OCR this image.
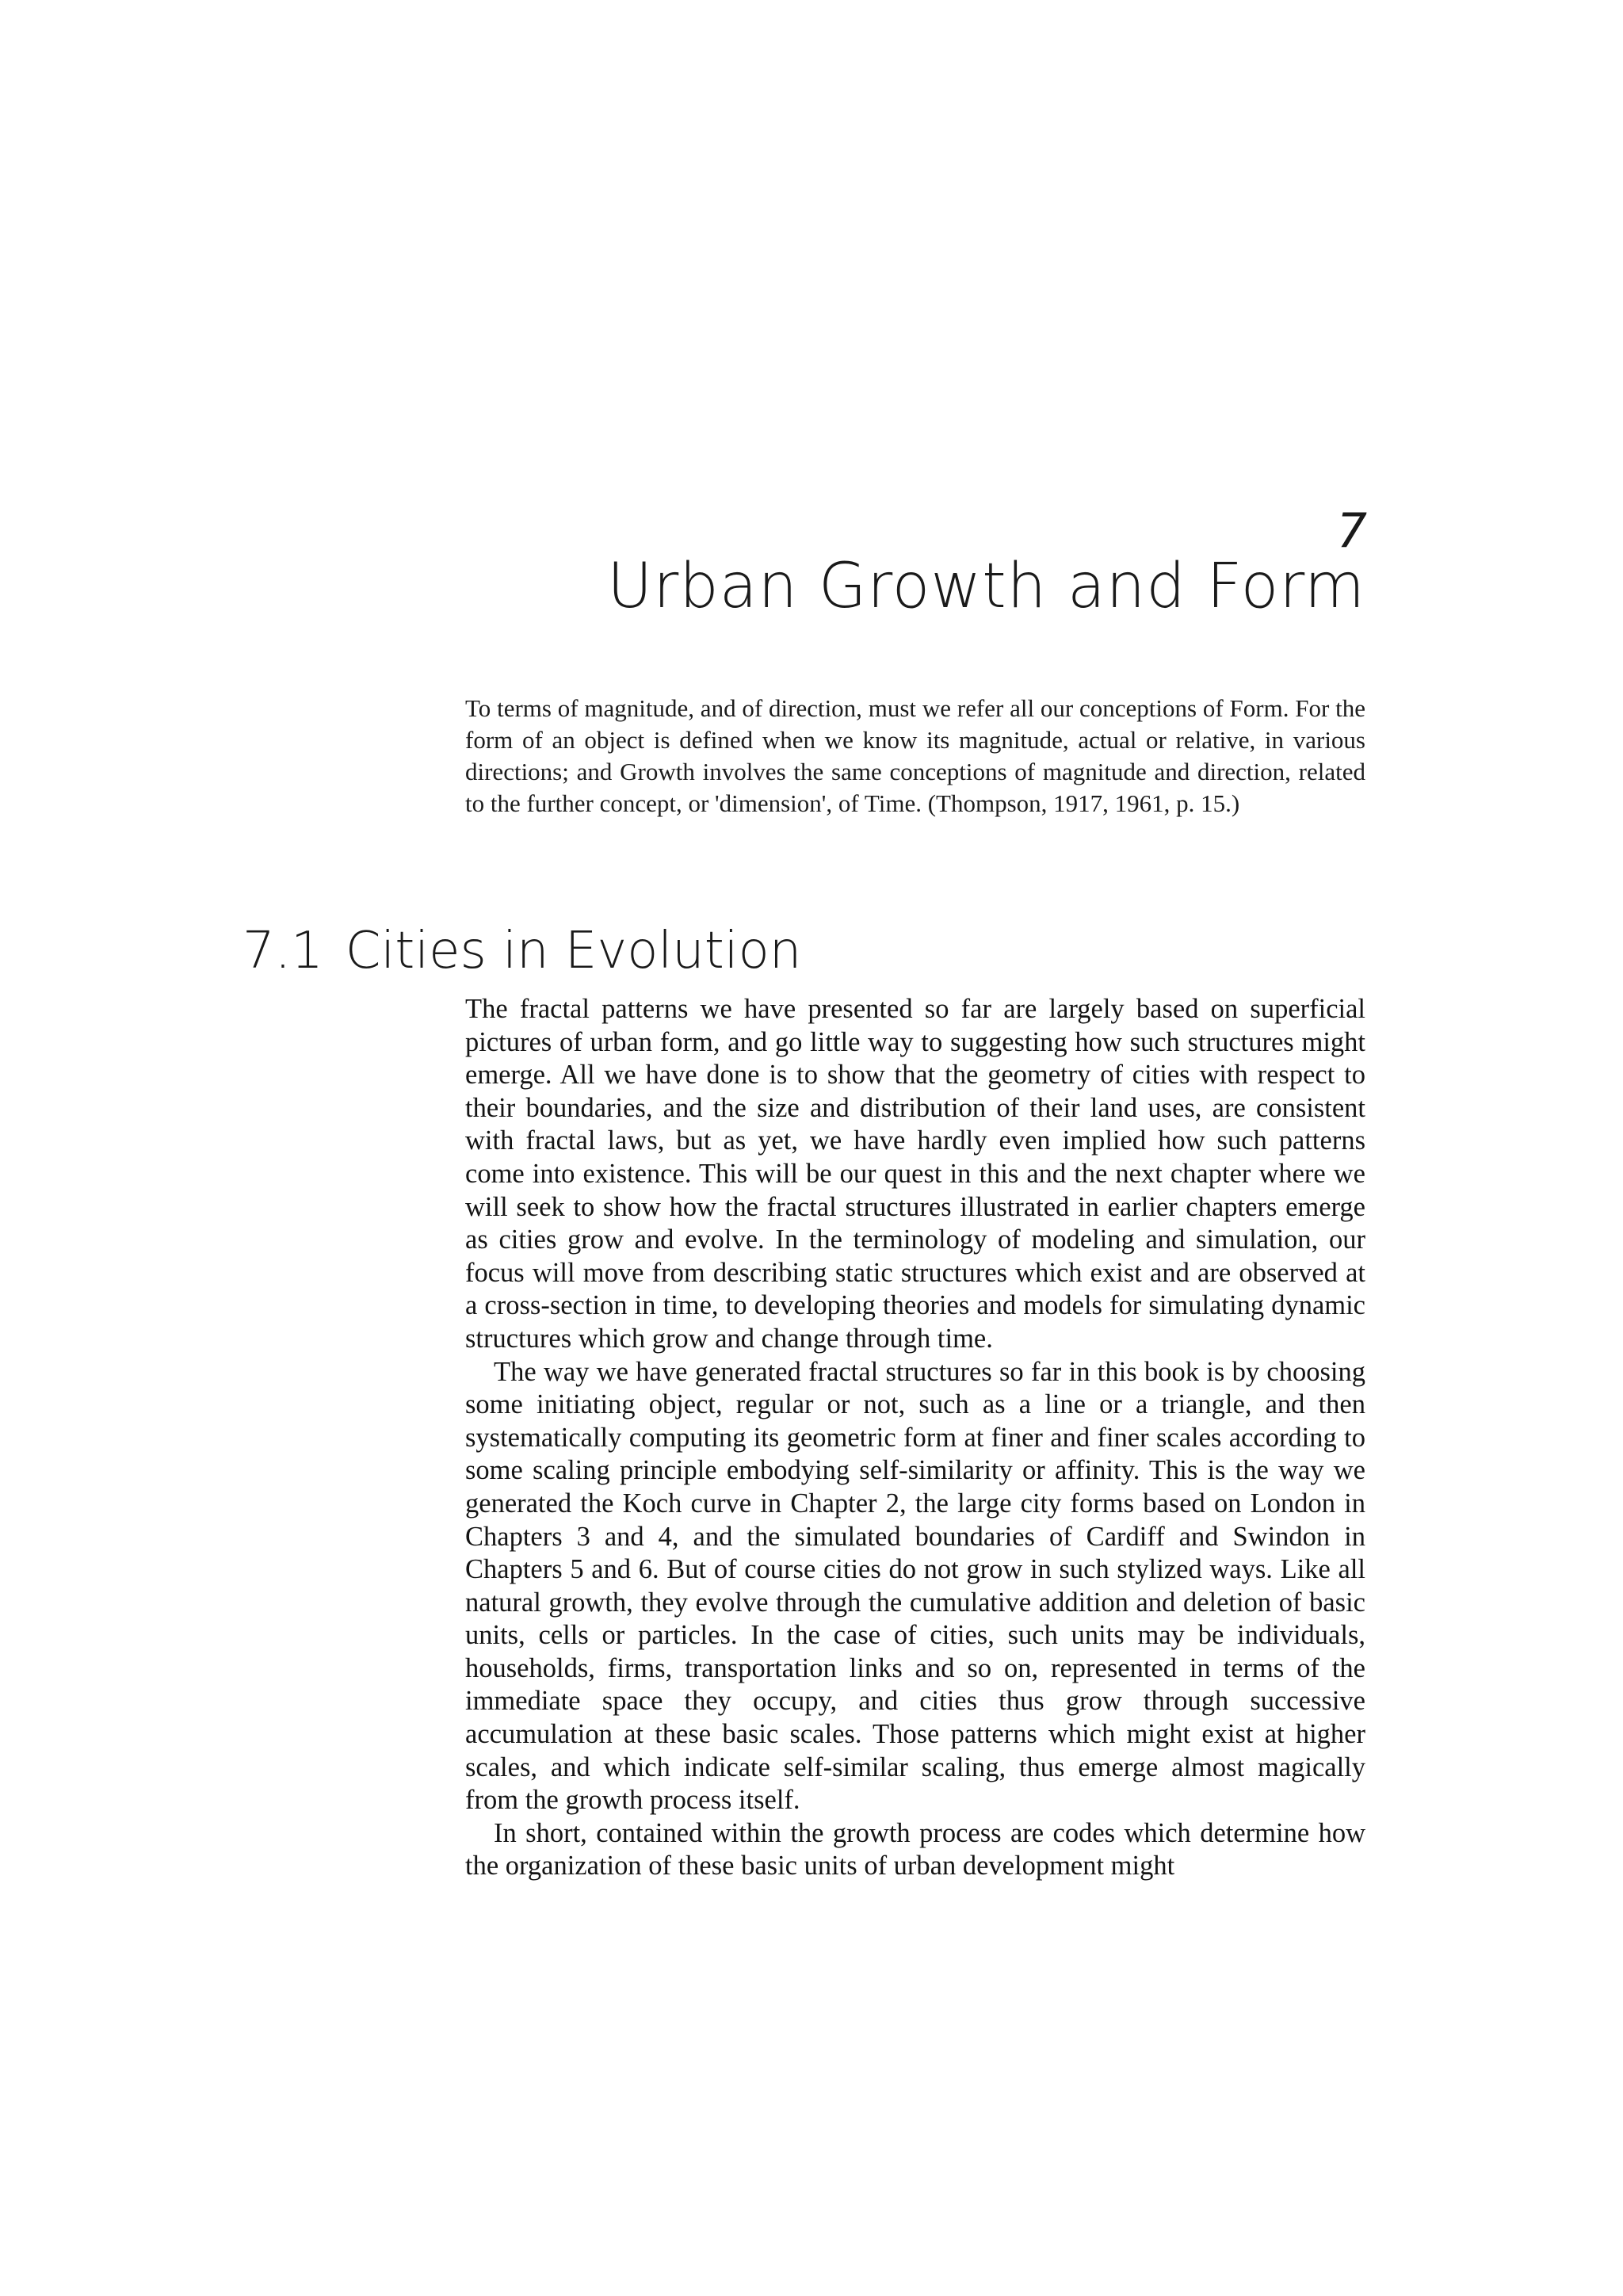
7
Urban Growth and Form
To terms of magnitude, and of direction, must we refer all our conceptions of Form. For the form of an object is defined when we know its magnitude, actual or relative, in various directions; and Growth involves the same conceptions of magnitude and direction, related to the further concept, or 'dimension', of Time. (Thompson, 1917, 1961, p. 15.)
7.1 Cities in Evolution

The fractal patterns we have presented so far are largely based on superficial pictures of urban form, and go little way to suggesting how such structures might emerge. All we have done is to show that the geometry of cities with respect to their boundaries, and the size and distribution of their land uses, are consistent with fractal laws, but as yet, we have hardly even implied how such patterns come into existence. This will be our quest in this and the next chapter where we will seek to show how the fractal structures illustrated in earlier chapters emerge as cities grow and evolve. In the terminology of modeling and simulation, our focus will move from describing static structures which exist and are observed at a cross-section in time, to developing theories and models for simulating dynamic structures which grow and change through time.

The way we have generated fractal structures so far in this book is by choosing some initiating object, regular or not, such as a line or a triangle, and then systematically computing its geometric form at finer and finer scales according to some scaling principle embodying self-similarity or affinity. This is the way we generated the Koch curve in Chapter 2, the large city forms based on London in Chapters 3 and 4, and the simulated boundaries of Cardiff and Swindon in Chapters 5 and 6. But of course cities do not grow in such stylized ways. Like all natural growth, they evolve through the cumulative addition and deletion of basic units, cells or particles. In the case of cities, such units may be individuals, households, firms, transportation links and so on, represented in terms of the immediate space they occupy, and cities thus grow through successive accumulation at these basic scales. Those patterns which might exist at higher scales, and which indicate self-similar scaling, thus emerge almost magically from the growth process itself.

In short, contained within the growth process are codes which determine how the organization of these basic units of urban development might
